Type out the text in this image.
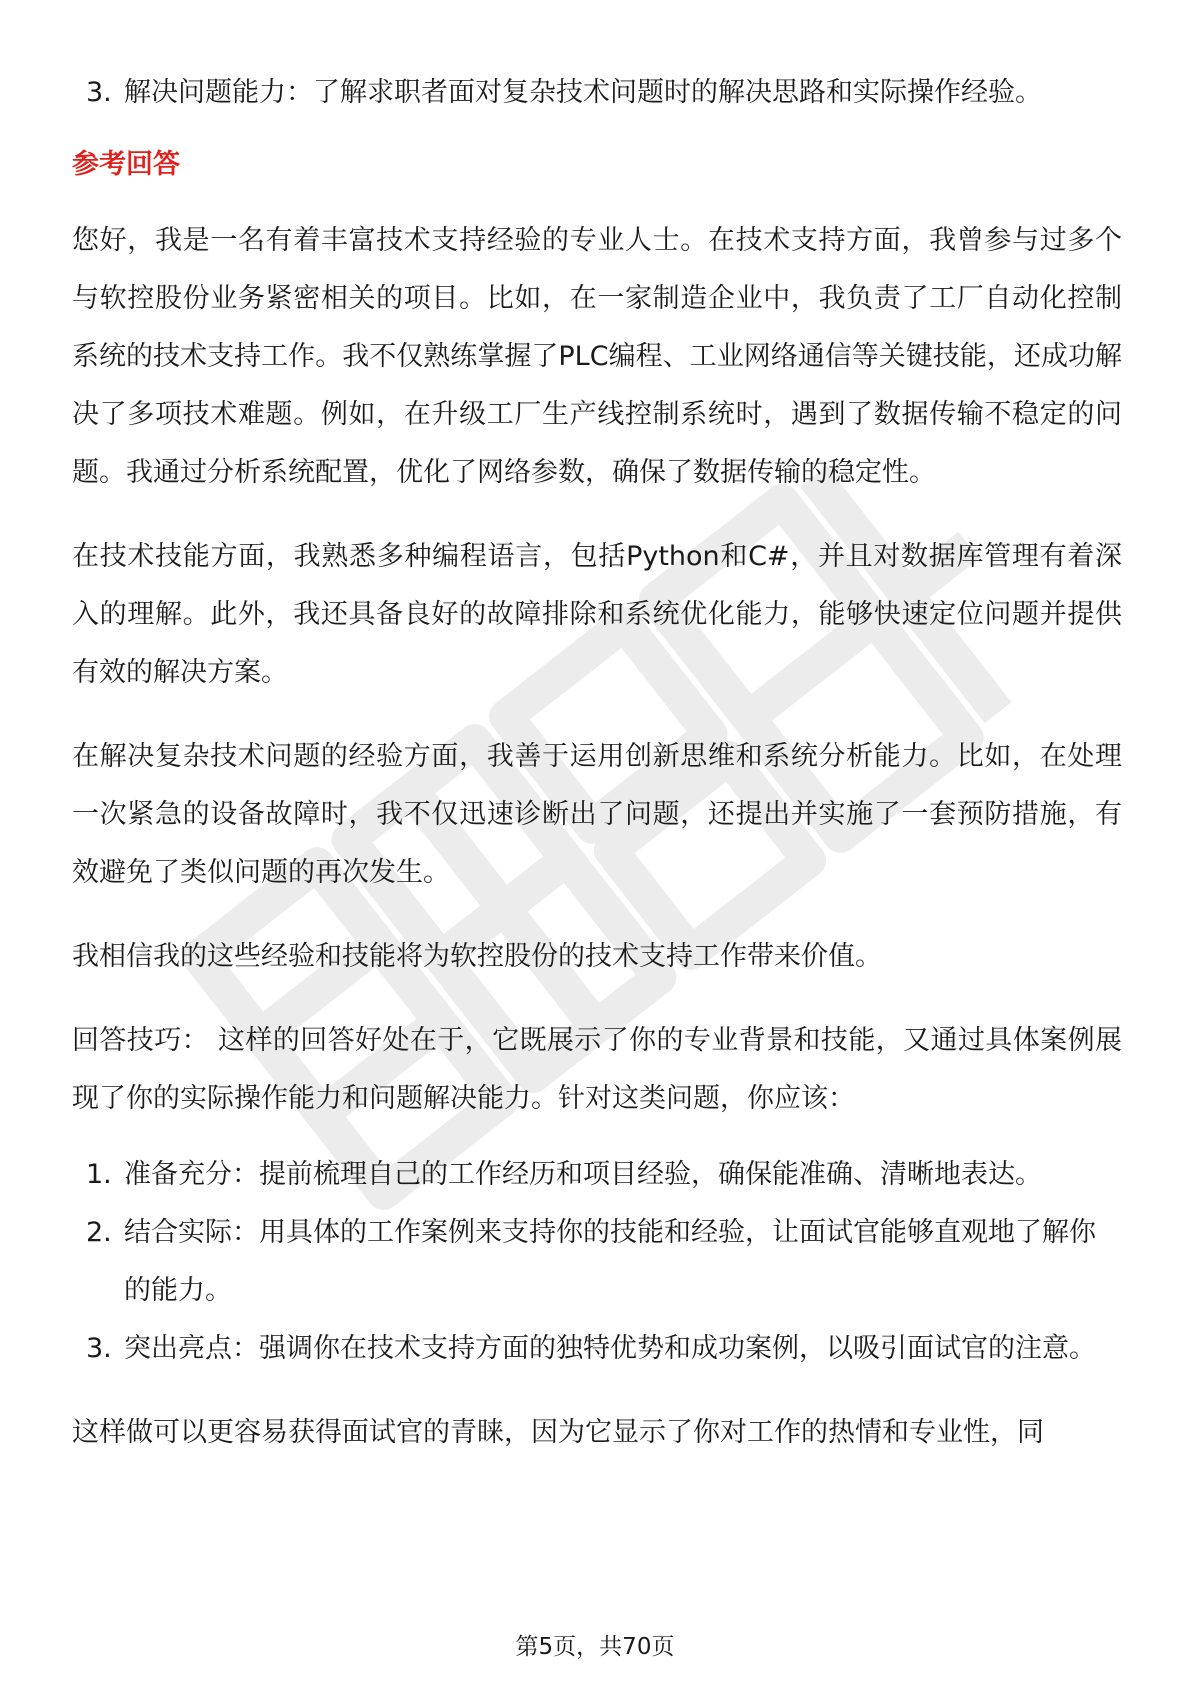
3. 解决问题能力：了解求职者面对复杂技术问题时的解决思路和实际操作经验。
参考回答

您好，我是一名有着丰富技术支持经验的专业人士。在技术支持方面，我曾参与过多个与软控股份业务紧密相关的项目。比如，在一家制造企业中，我负责了工厂自动化控制系统的技术支持工作。我不仅熟练掌握了PLC编程、工业网络通信等关键技能，还成功解决了多项技术难题。例如，在升级工厂生产线控制系统时，遇到了数据传输不稳定的问题。我通过分析系统配置，优化了网络参数，确保了数据传输的稳定性。

在技术技能方面，我熟悉多种编程语言，包括Python和C#，并且对数据库管理有着深入的理解。此外，我还具备良好的故障排除和系统优化能力，能够快速定位问题并提供有效的解决方案。

在解决复杂技术问题的经验方面，我善于运用创新思维和系统分析能力。比如，在处理一次紧急的设备故障时，我不仅迅速诊断出了问题，还提出并实施了一套预防措施，有效避免了类似问题的再次发生。

我相信我的这些经验和技能将为软控股份的技术支持工作带来价值。

回答技巧： 这样的回答好处在于，它既展示了你的专业背景和技能，又通过具体案例展现了你的实际操作能力和问题解决能力。针对这类问题，你应该：

1. 准备充分：提前梳理自己的工作经历和项目经验，确保能准确、清晰地表达。
2. 结合实际：用具体的工作案例来支持你的技能和经验，让面试官能够直观地了解你的能力。
3. 突出亮点：强调你在技术支持方面的独特优势和成功案例，以吸引面试官的注意。

这样做可以更容易获得面试官的青睐，因为它显示了你对工作的热情和专业性，同

第5页，共70页
